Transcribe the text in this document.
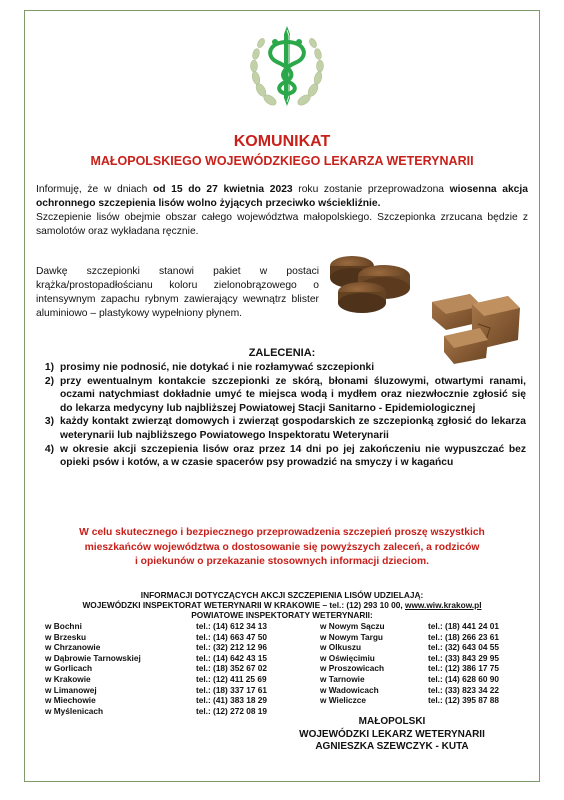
KOMUNIKAT
MAŁOPOLSKIEGO WOJEWÓDZKIEGO LEKARZA WETERYNARII
Informuję, że w dniach od 15 do 27 kwietnia 2023 roku zostanie przeprowadzona wiosenna akcja ochronnego szczepienia lisów wolno żyjących przeciwko wściekliźnie.
Szczepienie lisów obejmie obszar całego województwa małopolskiego. Szczepionka zrzucana będzie z samolotów oraz wykładana ręcznie.
Dawkę szczepionki stanowi pakiet w postaci krążka/prostopadłościanu koloru zielonobrązowego o intensywnym zapachu rybnym zawierający wewnątrz blister aluminiowo – plastykowy wypełniony płynem.
ZALECENIA:
1) prosimy nie podnosić, nie dotykać i nie rozłamywać szczepionki
2) przy ewentualnym kontakcie szczepionki ze skórą, błonami śluzowymi, otwartymi ranami, oczami natychmiast dokładnie umyć te miejsca wodą i mydłem oraz niezwłocznie zgłosić się do lekarza medycyny lub najbliższej Powiatowej Stacji Sanitarno - Epidemiologicznej
3) każdy kontakt zwierząt domowych i zwierząt gospodarskich ze szczepionką zgłosić do lekarza weterynarii lub najbliższego Powiatowego Inspektoratu Weterynarii
4) w okresie akcji szczepienia lisów oraz przez 14 dni po jej zakończeniu nie wypuszczać bez opieki psów i kotów, a w czasie spacerów psy prowadzić na smyczy i w kagańcu
W celu skutecznego i bezpiecznego przeprowadzenia szczepień proszę wszystkich
mieszkańców województwa o dostosowanie się powyższych zaleceń, a rodziców
i opiekunów o przekazanie stosownych informacji dzieciom.
INFORMACJI DOTYCZĄCYCH AKCJI SZCZEPIENIA LISÓW UDZIELAJĄ:
WOJEWÓDZKI INSPEKTORAT WETERYNARII W KRAKOWIE – tel.: (12) 293 10 00, www.wiw.krakow.pl
POWIATOWE INSPEKTORATY WETERYNARII:
w Bochni	tel.: (14) 612 34 13
w Brzesku	tel.: (14) 663 47 50
w Chrzanowie	tel.: (32) 212 12 96
w Dąbrowie Tarnowskiej	tel.: (14) 642 43 15
w Gorlicach	tel.: (18) 352 67 02
w Krakowie	tel.: (12) 411 25 69
w Limanowej	tel.: (18) 337 17 61
w Miechowie	tel.: (41) 383 18 29
w Myślenicach	tel.: (12) 272 08 19
w Nowym Sączu	tel.: (18) 441 24 01
w Nowym Targu	tel.: (18) 266 23 61
w Olkuszu	tel.: (32) 643 04 55
w Oświęcimiu	tel.: (33) 843 29 95
w Proszowicach	tel.: (12) 386 17 75
w Tarnowie	tel.: (14) 628 60 90
w Wadowicach	tel.: (33) 823 34 22
w Wieliczce	tel.: (12) 395 87 88
MAŁOPOLSKI
WOJEWÓDZKI LEKARZ WETERYNARII
AGNIESZKA SZEWCZYK - KUTA
